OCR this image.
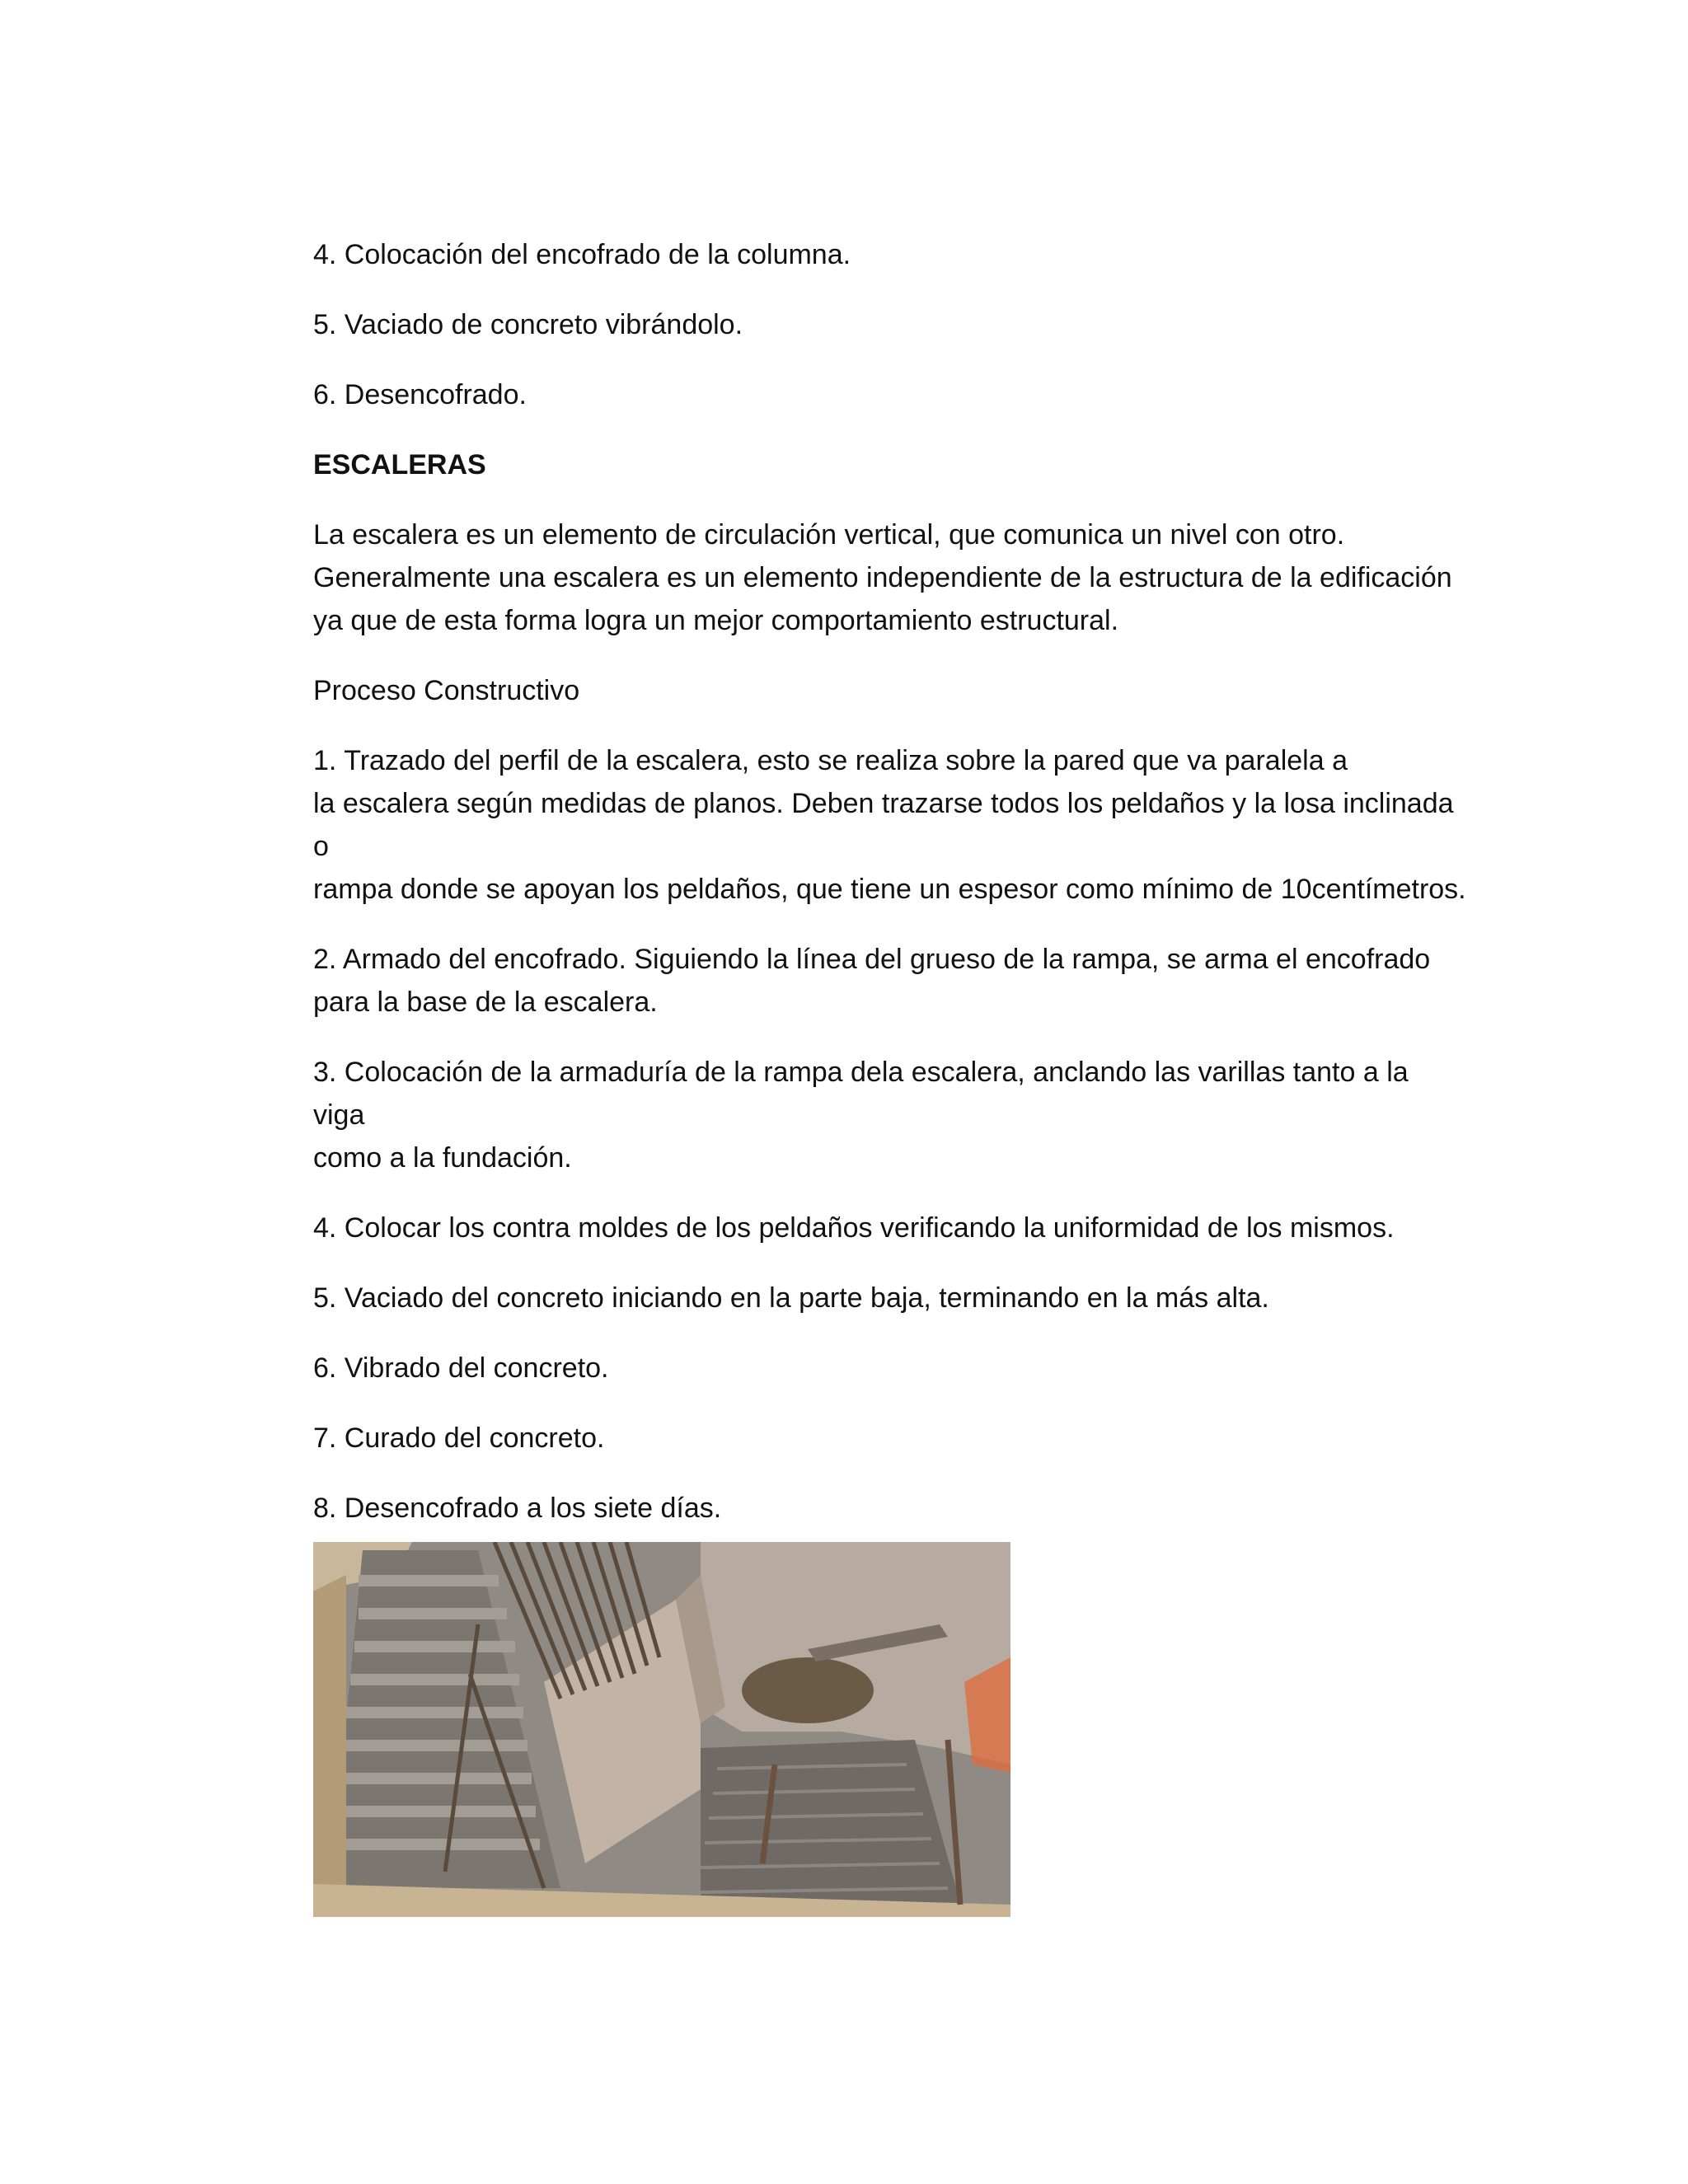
4. Colocación del encofrado de la columna.

5. Vaciado de concreto vibrándolo.

6. Desencofrado.

ESCALERAS

La escalera es un elemento de circulación vertical, que comunica un nivel con otro.
Generalmente una escalera es un elemento independiente de la estructura de la edificación
ya que de esta forma logra un mejor comportamiento estructural.

Proceso Constructivo

1. Trazado del perfil de la escalera, esto se realiza sobre la pared que va paralela a
la escalera según medidas de planos. Deben trazarse todos los peldaños y la losa inclinada o
rampa donde se apoyan los peldaños, que tiene un espesor como mínimo de 10centímetros.

2. Armado del encofrado. Siguiendo la línea del grueso de la rampa, se arma el encofrado
para la base de la escalera.

3. Colocación de la armaduría de la rampa dela escalera, anclando las varillas tanto a la viga
como a la fundación.

4. Colocar los contra moldes de los peldaños verificando la uniformidad de los mismos.

5. Vaciado del concreto iniciando en la parte baja, terminando en la más alta.

6. Vibrado del concreto.

7. Curado del concreto.

8. Desencofrado a los siete días.
